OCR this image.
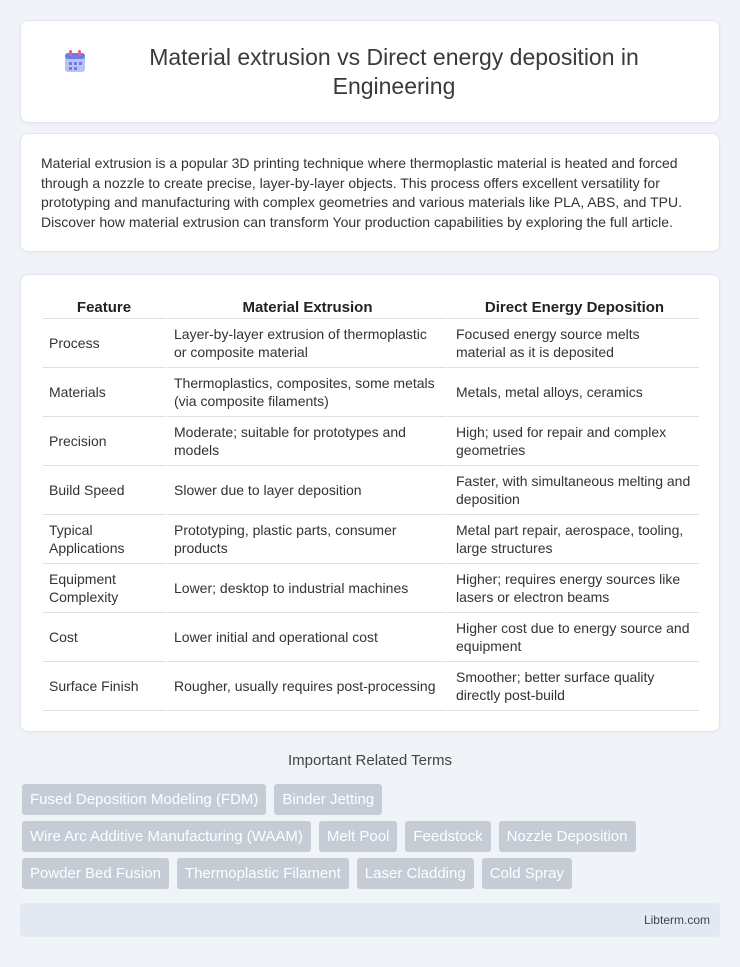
Material extrusion vs Direct energy deposition in Engineering

Material extrusion is a popular 3D printing technique where thermoplastic material is heated and forced through a nozzle to create precise, layer-by-layer objects. This process offers excellent versatility for prototyping and manufacturing with complex geometries and various materials like PLA, ABS, and TPU. Discover how material extrusion can transform Your production capabilities by exploring the full article.

Feature	Material Extrusion	Direct Energy Deposition
Process	Layer-by-layer extrusion of thermoplastic or composite material	Focused energy source melts material as it is deposited
Materials	Thermoplastics, composites, some metals (via composite filaments)	Metals, metal alloys, ceramics
Precision	Moderate; suitable for prototypes and models	High; used for repair and complex geometries
Build Speed	Slower due to layer deposition	Faster, with simultaneous melting and deposition
Typical Applications	Prototyping, plastic parts, consumer products	Metal part repair, aerospace, tooling, large structures
Equipment Complexity	Lower; desktop to industrial machines	Higher; requires energy sources like lasers or electron beams
Cost	Lower initial and operational cost	Higher cost due to energy source and equipment
Surface Finish	Rougher, usually requires post-processing	Smoother; better surface quality directly post-build
Important Related Terms
Fused Deposition Modeling (FDM)	Binder Jetting
Wire Arc Additive Manufacturing (WAAM)	Melt Pool	Feedstock	Nozzle Deposition
Powder Bed Fusion	Thermoplastic Filament	Laser Cladding	Cold Spray
Libterm.com
